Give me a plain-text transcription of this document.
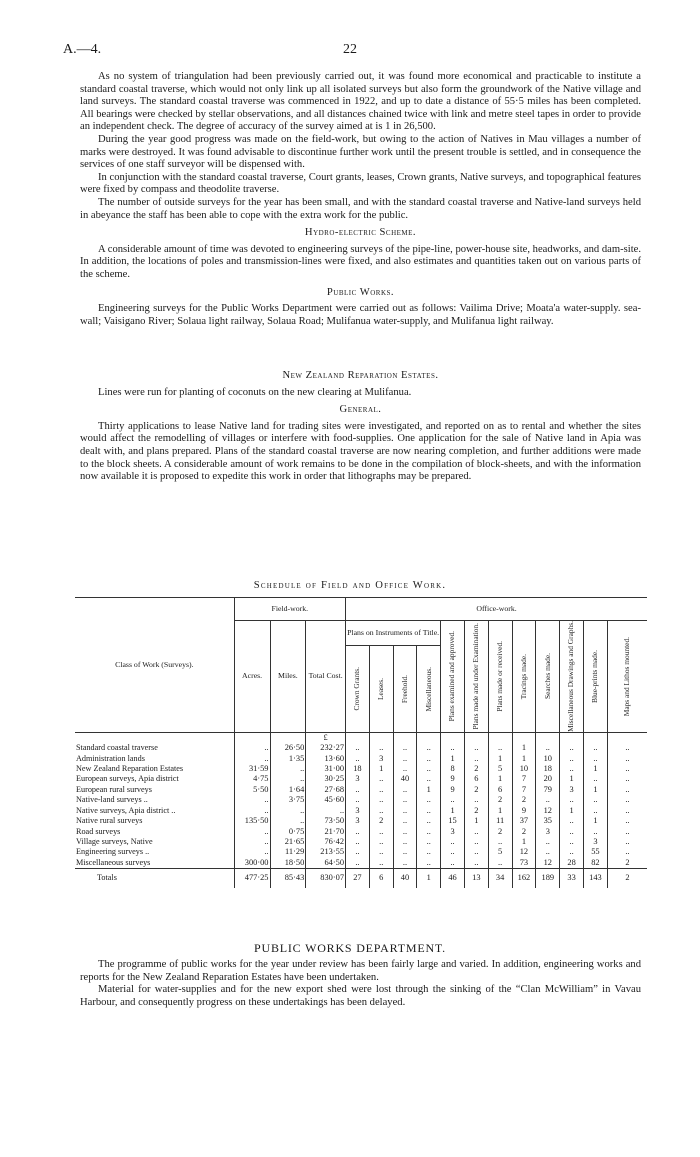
A.—4.	22

As no system of triangulation had been previously carried out, it was found more economical and practicable to institute a standard coastal traverse, which would not only link up all isolated surveys but also form the groundwork of the Native village and land surveys. The standard coastal traverse was commenced in 1922, and up to date a distance of 55·5 miles has been completed. All bearings were checked by stellar observations, and all distances chained twice with link and metre steel tapes in order to provide an independent check. The degree of accuracy of the survey aimed at is 1 in 26,500.

During the year good progress was made on the field-work, but owing to the action of Natives in Mau villages a number of marks were destroyed. It was found advisable to discontinue further work until the present trouble is settled, and in consequence the services of one staff surveyor will be dispensed with.

In conjunction with the standard coastal traverse, Court grants, leases, Crown grants, Native surveys, and topographical features were fixed by compass and theodolite traverse.

The number of outside surveys for the year has been small, and with the standard coastal traverse and Native-land surveys held in abeyance the staff has been able to cope with the extra work for the public.

Hydro-electric Scheme.

A considerable amount of time was devoted to engineering surveys of the pipe-line, power-house site, headworks, and dam-site. In addition, the locations of poles and transmission-lines were fixed, and also estimates and quantities taken out on various parts of the scheme.

Public Works.

Engineering surveys for the Public Works Department were carried out as follows: Vailima Drive; Moata'a water-supply. sea-wall; Vaisigano River; Solaua light railway, Solaua Road; Mulifanua water-supply, and Mulifanua light railway.

New Zealand Reparation Estates.

Lines were run for planting of coconuts on the new clearing at Mulifanua.

General.

Thirty applications to lease Native land for trading sites were investigated, and reported on as to rental and whether the sites would affect the remodelling of villages or interfere with food-supplies. One application for the sale of Native land in Apia was dealt with, and plans prepared. Plans of the standard coastal traverse are now nearing completion, and further additions were made to the block sheets. A considerable amount of work remains to be done in the compilation of block-sheets, and with the information now available it is proposed to expedite this work in order that lithographs may be prepared.

Schedule of Field and Office Work.
Class of Work (Surveys).	Field-work.			Office-work.											
	Acres.	Miles.	Total Cost.	Plans on Instruments of Title.				Plans examined and approved.	Plans made and under Examination.	Plans made or received.	Tracings made.	Searches made.	Miscellaneous Drawings and Graphs.	Blue-prints made.	Maps and Lithos mounted.

				Crown Grants.	Leases.	Freehold.	Miscellaneous.								

			£												
Standard coastal traverse	..	26·50	232·27	..	..	..	..	..	..	..	1	..	..	..	..
Administration lands	..	1·35	13·60	..	3	..	..	1	..	1	1	10	..	..	..
New Zealand Reparation Estates	31·59	..	31·00	18	1	..	..	8	2	5	10	18	..	1	..
European surveys, Apia district	4·75	..	30·25	3	..	40	..	9	6	1	7	20	1	..	..
European rural surveys	5·50	1·64	27·68	..	..	..	1	9	2	6	7	79	3	1	..
Native-land surveys ..	..	3·75	45·60	..	..	..	..	..	..	2	2	..	..	..	..
Native surveys, Apia district ..	..	..	..	3	..	..	..	1	2	1	9	12	1	..	..
Native rural surveys	135·50	..	73·50	3	2	..	..	15	1	11	37	35	..	1	..
Road surveys	..	0·75	21·70	..	..	..	..	3	..	2	2	3	..	..	..
Village surveys, Native	..	21·65	76·42	..	..	..	..	..	..	..	1	..	..	3	..
Engineering surveys ..	..	11·29	213·55	..	..	..	..	..	..	5	12	..	..	55	..
Miscellaneous surveys	300·00	18·50	64·50	..	..	..	..	..	..	..	73	12	28	82	2
Totals	477·25	85·43	830·07	27	6	40	1	46	13	34	162	189	33	143	2
PUBLIC WORKS DEPARTMENT.

The programme of public works for the year under review has been fairly large and varied. In addition, engineering works and reports for the New Zealand Reparation Estates have been undertaken.

Material for water-supplies and for the new export shed were lost through the sinking of the “Clan McWilliam” in Vavau Harbour, and consequently progress on these undertakings has been delayed.
